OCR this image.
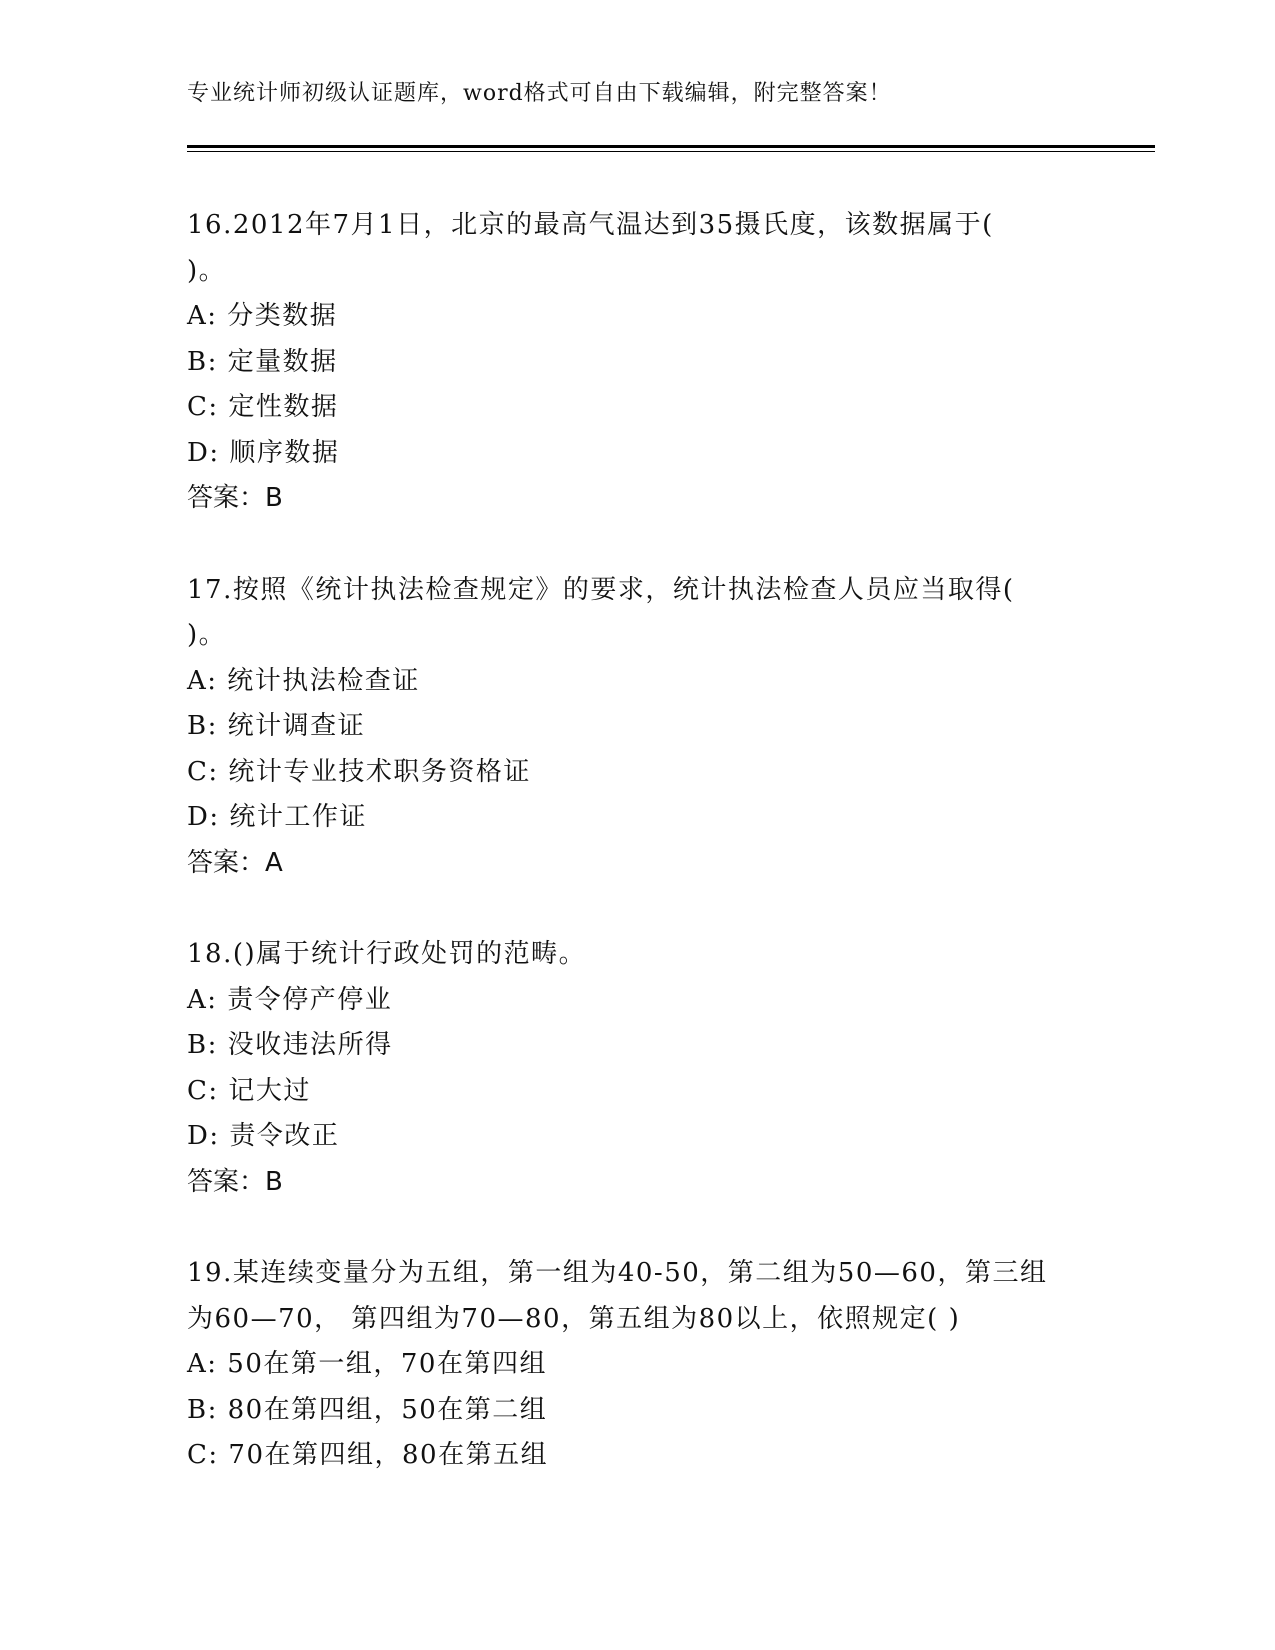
专业统计师初级认证题库，word格式可自由下载编辑，附完整答案！
16.2012年7月1日，北京的最高气温达到35摄氏度，该数据属于(
)。
A: 分类数据
B: 定量数据
C: 定性数据
D: 顺序数据
答案：B
17.按照《统计执法检查规定》的要求，统计执法检查人员应当取得(
)。
A: 统计执法检查证
B: 统计调查证
C: 统计专业技术职务资格证
D: 统计工作证
答案：A
18.()属于统计行政处罚的范畴。
A: 责令停产停业
B: 没收违法所得
C: 记大过
D: 责令改正
答案：B
19.某连续变量分为五组，第一组为40-50，第二组为50—60，第三组
为60—70， 第四组为70—80，第五组为80以上，依照规定( )
A: 50在第一组，70在第四组
B: 80在第四组，50在第二组
C: 70在第四组，80在第五组
